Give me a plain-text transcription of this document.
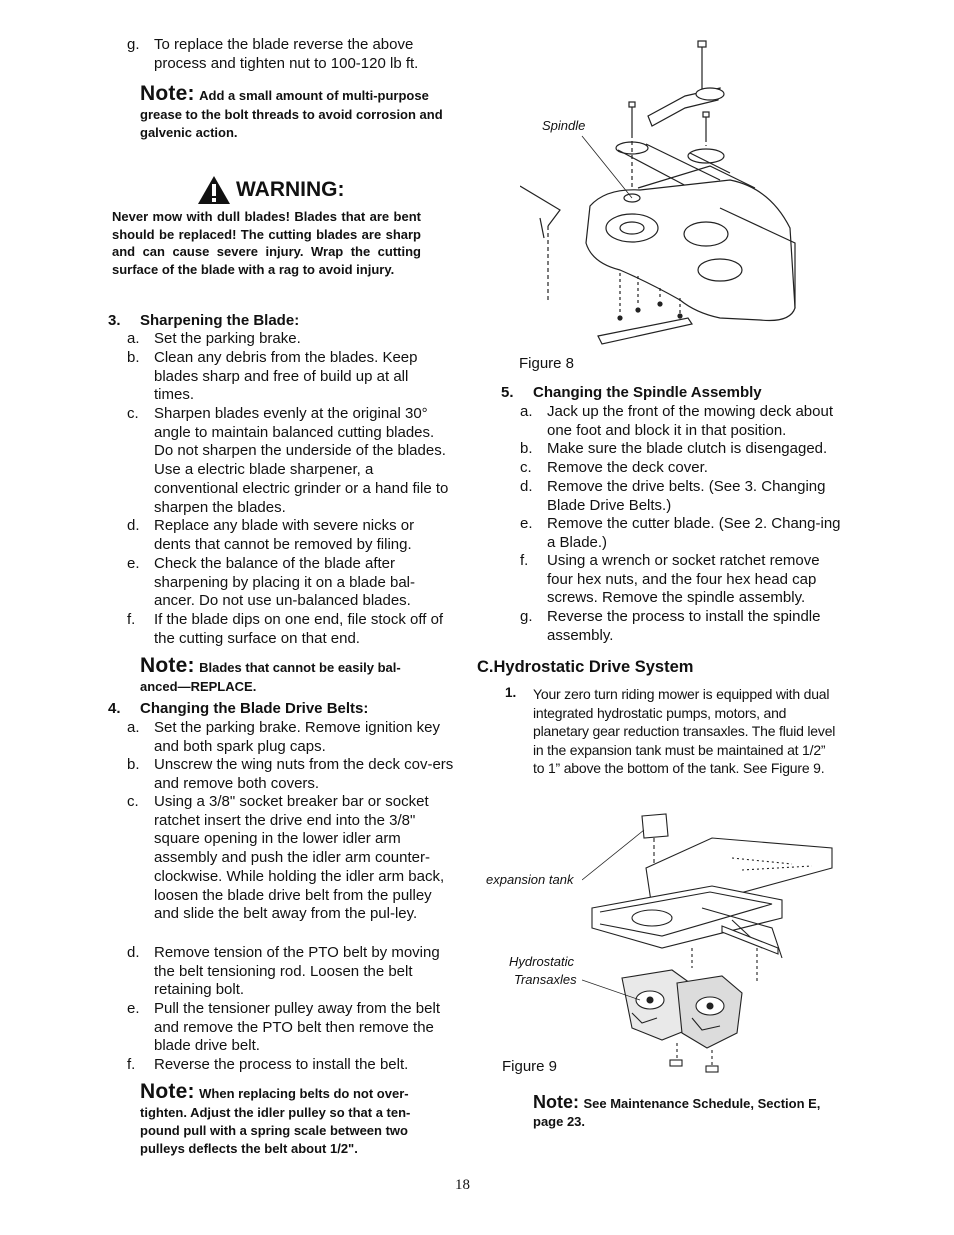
g. To replace the blade reverse the above process and tighten nut to 100-120 lb ft.
Note: Add a small amount of multi-purpose grease to the bolt threads to avoid corrosion and galvenic action.
WARNING:
Never mow with dull blades! Blades that are bent should be replaced! The cutting blades are sharp and can cause severe injury. Wrap the cutting surface of the blade with a rag to avoid injury.
3. Sharpening the Blade:
a. Set the parking brake.
b. Clean any debris from the blades. Keep blades sharp and free of build up at all times.
c. Sharpen blades evenly at the original 30° angle to maintain balanced cutting blades. Do not sharpen the underside of the blades. Use a electric blade sharpener, a conventional electric grinder or a hand file to sharpen the blades.
d. Replace any blade with severe nicks or dents that cannot be removed by filing.
e. Check the balance of the blade after sharpening by placing it on a blade bal-ancer. Do not use un-balanced blades.
f. If the blade dips on one end, file stock off of the cutting surface on that end.
Note: Blades that cannot be easily bal-anced—REPLACE.
4. Changing the Blade Drive Belts:
a. Set the parking brake. Remove ignition key and both spark plug caps.
b. Unscrew the wing nuts from the deck cov-ers and remove both covers.
c. Using a 3/8" socket breaker bar or socket ratchet insert the drive end into the 3/8" square opening in the lower idler arm assembly and push the idler arm counter-clockwise. While holding the idler arm back, loosen the blade drive belt from the pulley and slide the belt away from the pul-ley.
d. Remove tension of the PTO belt by moving the belt tensioning rod. Loosen the belt retaining bolt.
e. Pull the tensioner pulley away from the belt and remove the PTO belt then remove the blade drive belt.
f. Reverse the process to install the belt.
Note: When replacing belts do not over-tighten. Adjust the idler pulley so that a ten-pound pull with a spring scale between two pulleys deflects the belt about 1/2".
Spindle
Figure 8
5. Changing the Spindle Assembly
a. Jack up the front of the mowing deck about one foot and block it in that position.
b. Make sure the blade clutch is disengaged.
c. Remove the deck cover.
d. Remove the drive belts. (See 3. Changing Blade Drive Belts.)
e. Remove the cutter blade. (See 2. Chang-ing a Blade.)
f. Using a wrench or socket ratchet remove four hex nuts, and the four hex head cap screws. Remove the spindle assembly.
g. Reverse the process to install the spindle assembly.
C.Hydrostatic Drive System
1. Your zero turn riding mower is equipped with dual integrated hydrostatic pumps, motors, and planetary gear reduction transaxles. The fluid level in the expansion tank must be maintained at 1/2” to 1” above the bottom of the tank. See Figure 9.
expansion tank
Hydrostatic
Transaxles
Figure 9
Note: See Maintenance Schedule, Section E, page 23.
18
